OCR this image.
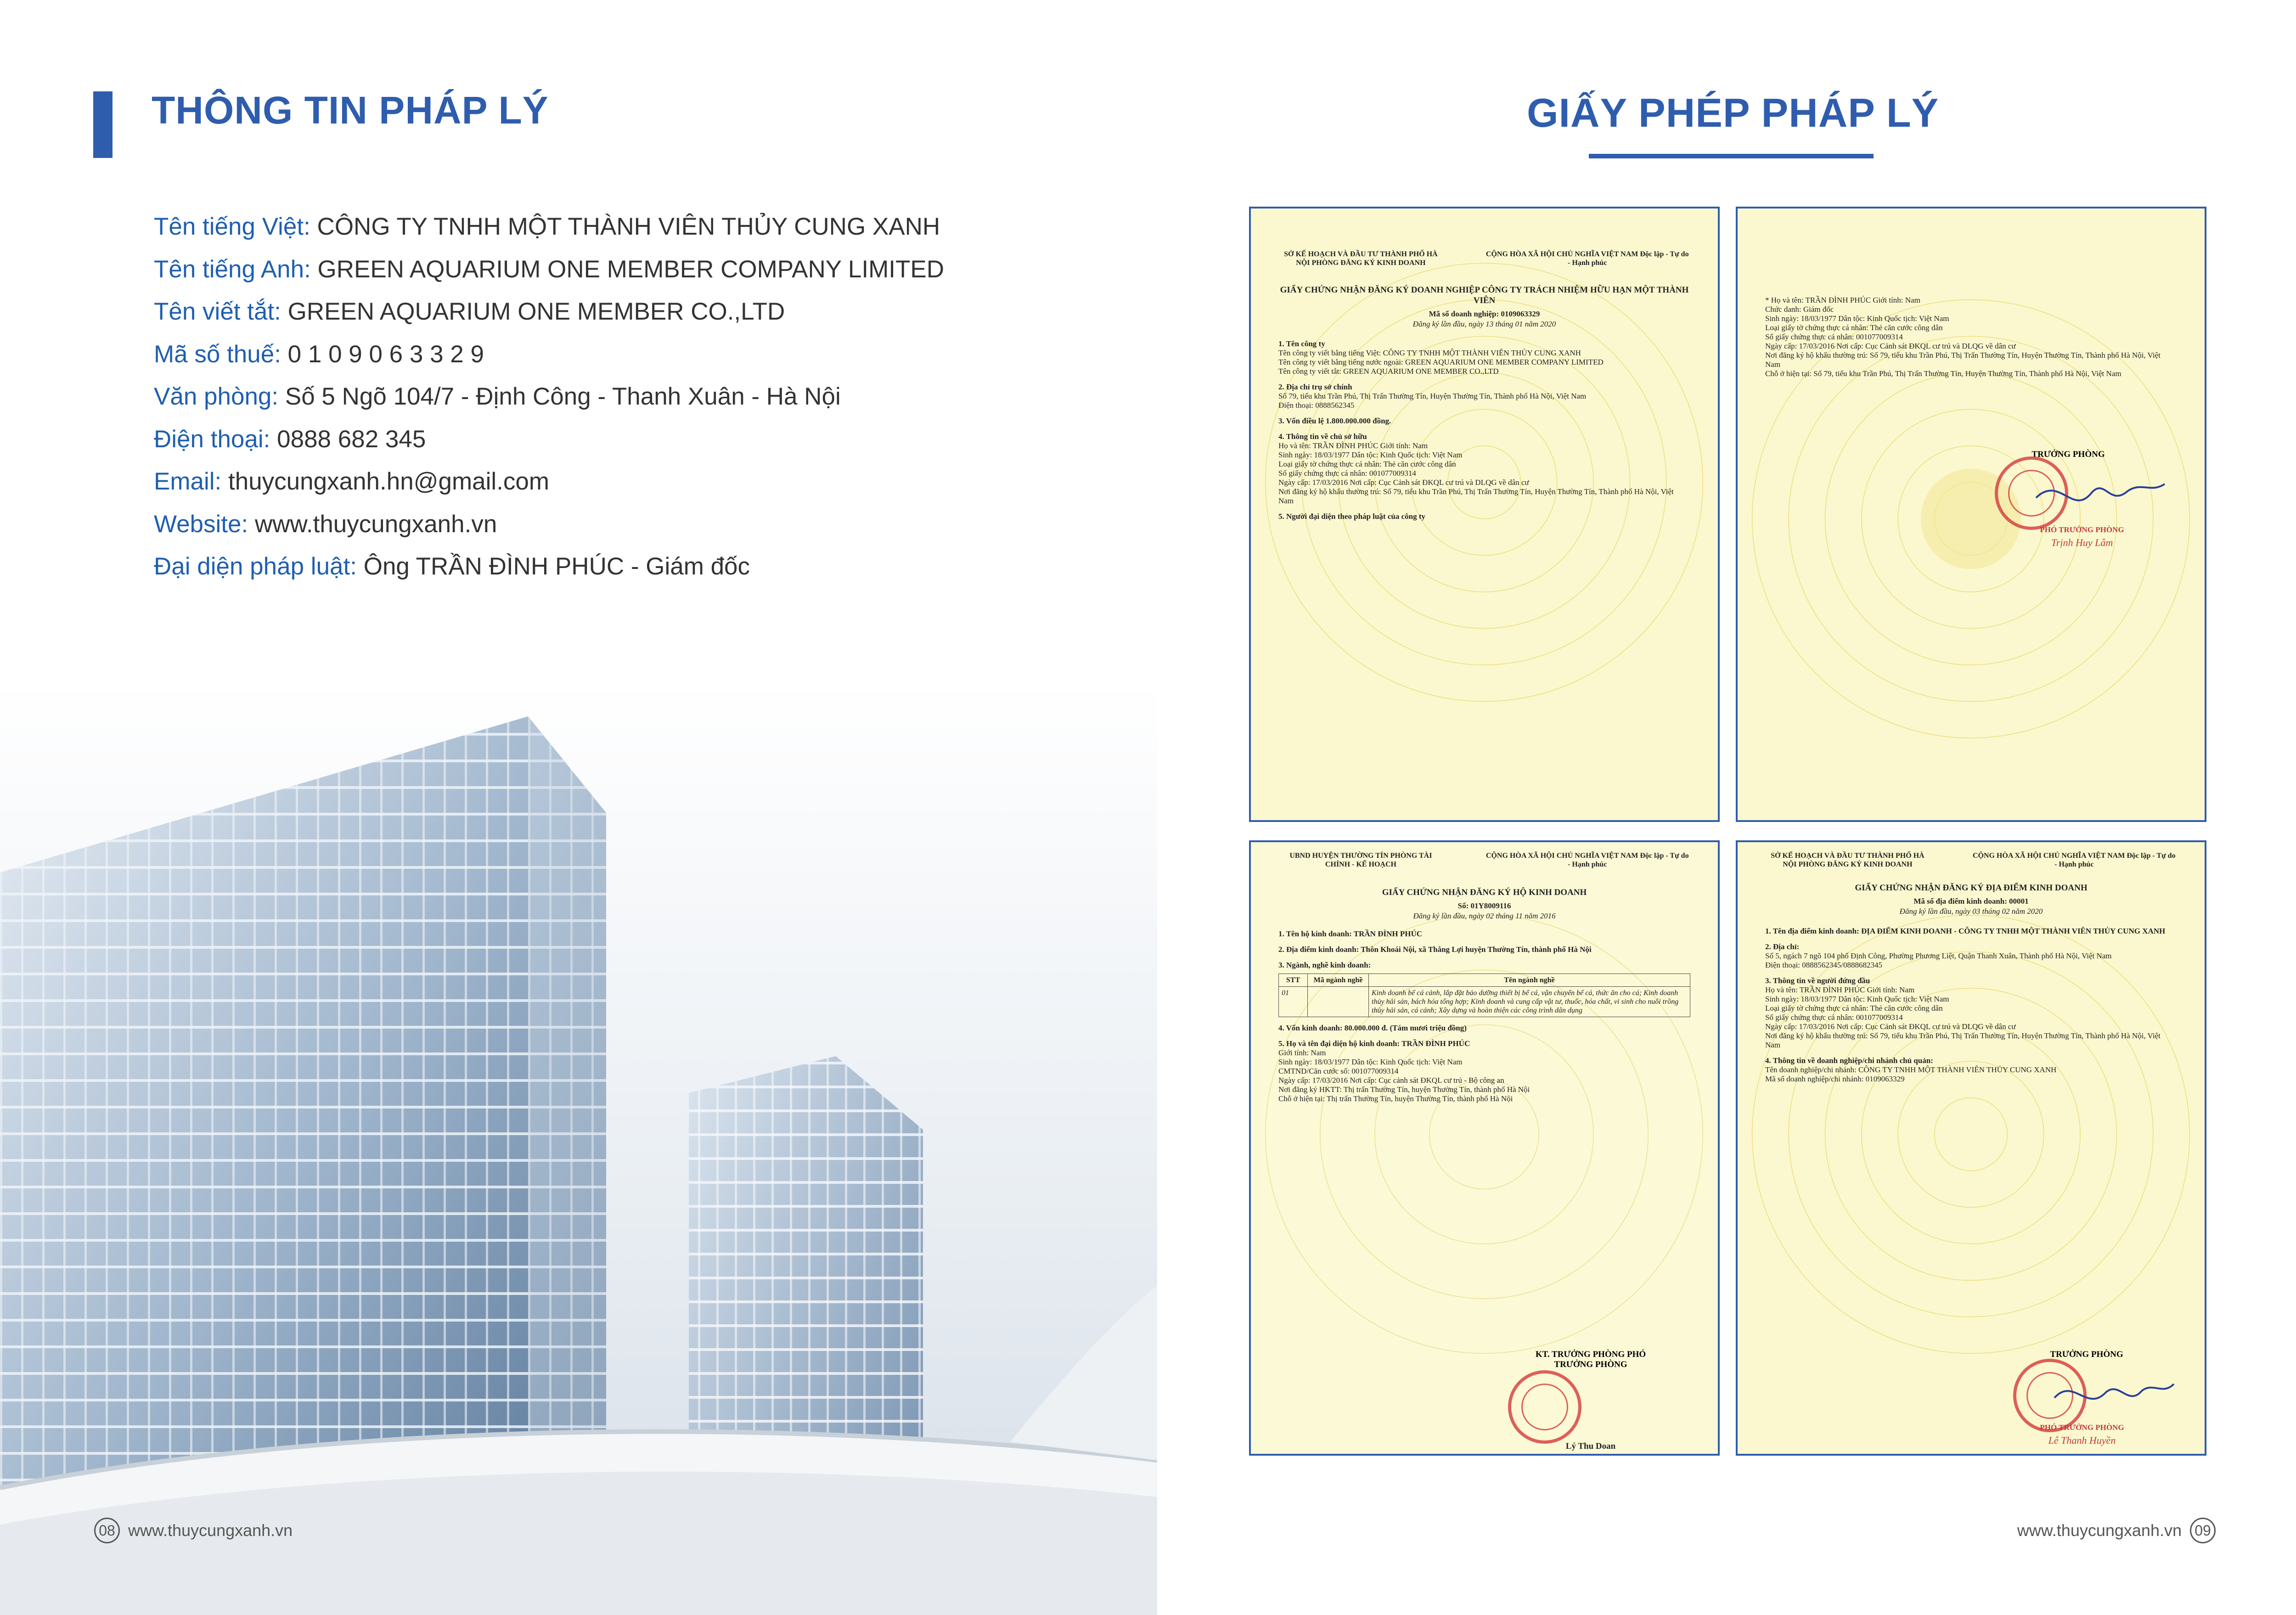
THÔNG TIN PHÁP LÝ
Tên tiếng Việt: CÔNG TY TNHH MỘT THÀNH VIÊN THỦY CUNG XANH
Tên tiếng Anh: GREEN AQUARIUM ONE MEMBER COMPANY LIMITED
Tên viết tắt: GREEN AQUARIUM ONE MEMBER CO.,LTD
Mã số thuế: 0 1 0 9 0 6 3 3 2 9
Văn phòng: Số 5 Ngõ 104/7 - Định Công - Thanh Xuân - Hà Nội
Điện thoại: 0888 682 345
Email: thuycungxanh.hn@gmail.com
Website: www.thuycungxanh.vn
Đại diện pháp luật: Ông TRẦN ĐÌNH PHÚC - Giám đốc
08 www.thuycungxanh.vn
GIẤY PHÉP PHÁP LÝ
SỞ KẾ HOẠCH VÀ ĐẦU TƯ THÀNH PHỐ HÀ NỘI PHÒNG ĐĂNG KÝ KINH DOANH
CỘNG HÒA XÃ HỘI CHỦ NGHĨA VIỆT NAM Độc lập - Tự do - Hạnh phúc
GIẤY CHỨNG NHẬN ĐĂNG KÝ DOANH NGHIỆP CÔNG TY TRÁCH NHIỆM HỮU HẠN MỘT THÀNH VIÊN
Mã số doanh nghiệp: 0109063329
Đăng ký lần đầu, ngày 13 tháng 01 năm 2020
1. Tên công ty
Tên công ty viết bằng tiếng Việt: CÔNG TY TNHH MỘT THÀNH VIÊN THỦY CUNG XANH
Tên công ty viết bằng tiếng nước ngoài: GREEN AQUARIUM ONE MEMBER COMPANY LIMITED
Tên công ty viết tắt: GREEN AQUARIUM ONE MEMBER CO.,LTD
2. Địa chỉ trụ sở chính
Số 79, tiểu khu Trần Phú, Thị Trấn Thường Tín, Huyện Thường Tín, Thành phố Hà Nội, Việt Nam
Điện thoại: 0888562345
3. Vốn điều lệ 1.800.000.000 đồng.
4. Thông tin về chủ sở hữu
Họ và tên: TRẦN ĐÌNH PHÚC Giới tính: Nam
Sinh ngày: 18/03/1977 Dân tộc: Kinh Quốc tịch: Việt Nam
Loại giấy tờ chứng thực cá nhân: Thẻ căn cước công dân
Số giấy chứng thực cá nhân: 001077009314
Ngày cấp: 17/03/2016 Nơi cấp: Cục Cảnh sát ĐKQL cư trú và DLQG về dân cư
Nơi đăng ký hộ khẩu thường trú: Số 79, tiểu khu Trần Phú, Thị Trấn Thường Tín, Huyện Thường Tín, Thành phố Hà Nội, Việt Nam
5. Người đại diện theo pháp luật của công ty
* Họ và tên: TRẦN ĐÌNH PHÚC Giới tính: Nam
Chức danh: Giám đốc
Sinh ngày: 18/03/1977 Dân tộc: Kinh Quốc tịch: Việt Nam
Loại giấy tờ chứng thực cá nhân: Thẻ căn cước công dân
Số giấy chứng thực cá nhân: 001077009314
Ngày cấp: 17/03/2016 Nơi cấp: Cục Cảnh sát ĐKQL cư trú và DLQG về dân cư
Nơi đăng ký hộ khẩu thường trú: Số 79, tiểu khu Trần Phú, Thị Trấn Thường Tín, Huyện Thường Tín, Thành phố Hà Nội, Việt Nam
Chỗ ở hiện tại: Số 79, tiểu khu Trần Phú, Thị Trấn Thường Tín, Huyện Thường Tín, Thành phố Hà Nội, Việt Nam
TRƯỞNG PHÒNG
PHÓ TRƯỞNG PHÒNG
Trịnh Huy Lâm
UBND HUYỆN THƯỜNG TÍN PHÒNG TÀI CHÍNH - KẾ HOẠCH
CỘNG HÒA XÃ HỘI CHỦ NGHĨA VIỆT NAM Độc lập - Tự do - Hạnh phúc
GIẤY CHỨNG NHẬN ĐĂNG KÝ HỘ KINH DOANH
Số: 01Y8009116
Đăng ký lần đầu, ngày 02 tháng 11 năm 2016
1. Tên hộ kinh doanh: TRẦN ĐÌNH PHÚC
2. Địa điểm kinh doanh: Thôn Khoái Nội, xã Thắng Lợi huyện Thường Tín, thành phố Hà Nội
3. Ngành, nghề kinh doanh:
STT	Mã ngành nghề	Tên ngành nghề
01		Kinh doanh bể cá cảnh, lắp đặt bảo dưỡng thiết bị bể cá, vận chuyển bể cá, thức ăn cho cá; Kinh doanh thủy hải sản, bách hóa tổng hợp; Kinh doanh và cung cấp vật tư, thuốc, hóa chất, vi sinh cho nuôi trồng thủy hải sản, cá cảnh; Xây dựng và hoàn thiện các công trình dân dụng
4. Vốn kinh doanh: 80.000.000 đ. (Tám mươi triệu đồng)
5. Họ và tên đại diện hộ kinh doanh: TRẦN ĐÌNH PHÚC
Giới tính: Nam
Sinh ngày: 18/03/1977 Dân tộc: Kinh Quốc tịch: Việt Nam
CMTND/Căn cước số: 001077009314
Ngày cấp: 17/03/2016 Nơi cấp: Cục cảnh sát ĐKQL cư trú - Bộ công an
Nơi đăng ký HKTT: Thị trấn Thường Tín, huyện Thường Tín, thành phố Hà Nội
Chỗ ở hiện tại: Thị trấn Thường Tín, huyện Thường Tín, thành phố Hà Nội
KT. TRƯỞNG PHÒNG PHÓ TRƯỞNG PHÒNG
Lý Thu Doan
SỞ KẾ HOẠCH VÀ ĐẦU TƯ THÀNH PHỐ HÀ NỘI PHÒNG ĐĂNG KÝ KINH DOANH
CỘNG HÒA XÃ HỘI CHỦ NGHĨA VIỆT NAM Độc lập - Tự do - Hạnh phúc
GIẤY CHỨNG NHẬN ĐĂNG KÝ ĐỊA ĐIỂM KINH DOANH
Mã số địa điểm kinh doanh: 00001
Đăng ký lần đầu, ngày 03 tháng 02 năm 2020
1. Tên địa điểm kinh doanh: ĐỊA ĐIỂM KINH DOANH - CÔNG TY TNHH MỘT THÀNH VIÊN THỦY CUNG XANH
2. Địa chỉ:
Số 5, ngách 7 ngõ 104 phố Định Công, Phường Phương Liệt, Quận Thanh Xuân, Thành phố Hà Nội, Việt Nam
Điện thoại: 0888562345/0888682345
3. Thông tin về người đứng đầu
Họ và tên: TRẦN ĐÌNH PHÚC Giới tính: Nam
Sinh ngày: 18/03/1977 Dân tộc: Kinh Quốc tịch: Việt Nam
Loại giấy tờ chứng thực cá nhân: Thẻ căn cước công dân
Số giấy chứng thực cá nhân: 001077009314
Ngày cấp: 17/03/2016 Nơi cấp: Cục Cảnh sát ĐKQL cư trú và DLQG về dân cư
Nơi đăng ký hộ khẩu thường trú: Số 79, tiểu khu Trần Phú, Thị Trấn Thường Tín, Huyện Thường Tín, Thành phố Hà Nội, Việt Nam
4. Thông tin về doanh nghiệp/chi nhánh chủ quản:
Tên doanh nghiệp/chi nhánh: CÔNG TY TNHH MỘT THÀNH VIÊN THỦY CUNG XANH
Mã số doanh nghiệp/chi nhánh: 0109063329
TRƯỞNG PHÒNG
PHÓ TRƯỞNG PHÒNG
Lê Thanh Huyền
www.thuycungxanh.vn 09
